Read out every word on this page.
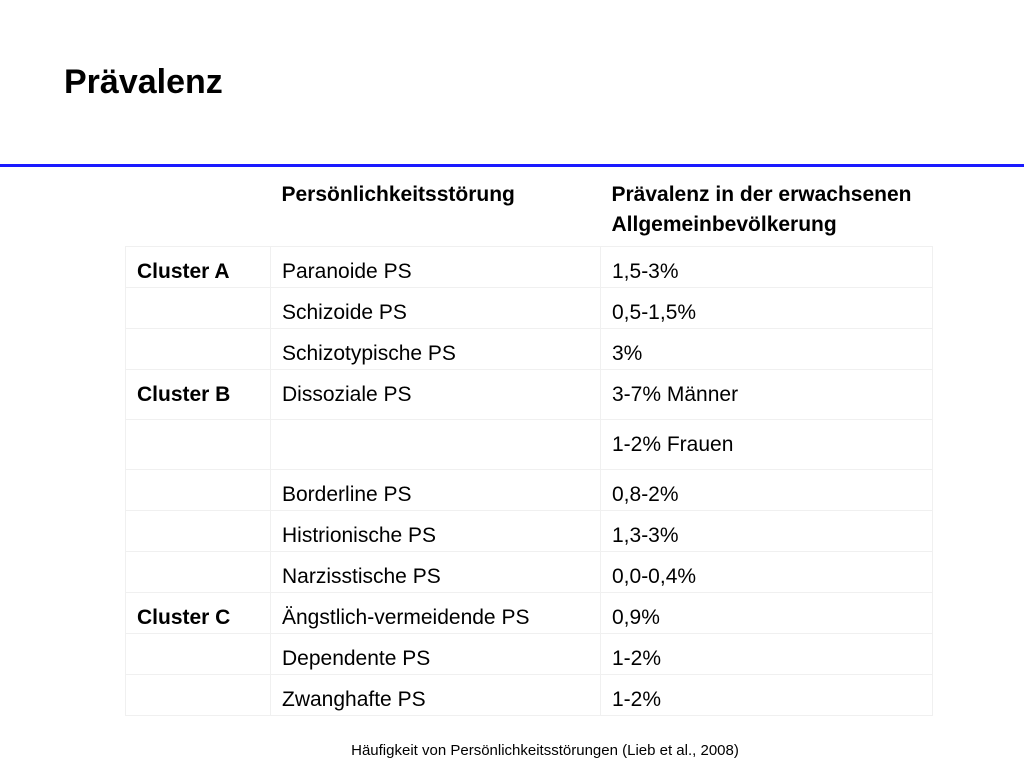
Prävalenz
	Persönlichkeitsstörung	Prävalenz in der erwachsenen Allgemeinbevölkerung
Cluster A	Paranoide PS	1,5-3%
	Schizoide PS	0,5-1,5%
	Schizotypische PS	3%
Cluster B	Dissoziale PS	3-7% Männer
		1-2% Frauen
	Borderline PS	0,8-2%
	Histrionische PS	1,3-3%
	Narzisstische PS	0,0-0,4%
Cluster C	Ängstlich-vermeidende PS	0,9%
	Dependente PS	1-2%
	Zwanghafte PS	1-2%
Häufigkeit von Persönlichkeitsstörungen (Lieb et al., 2008)
